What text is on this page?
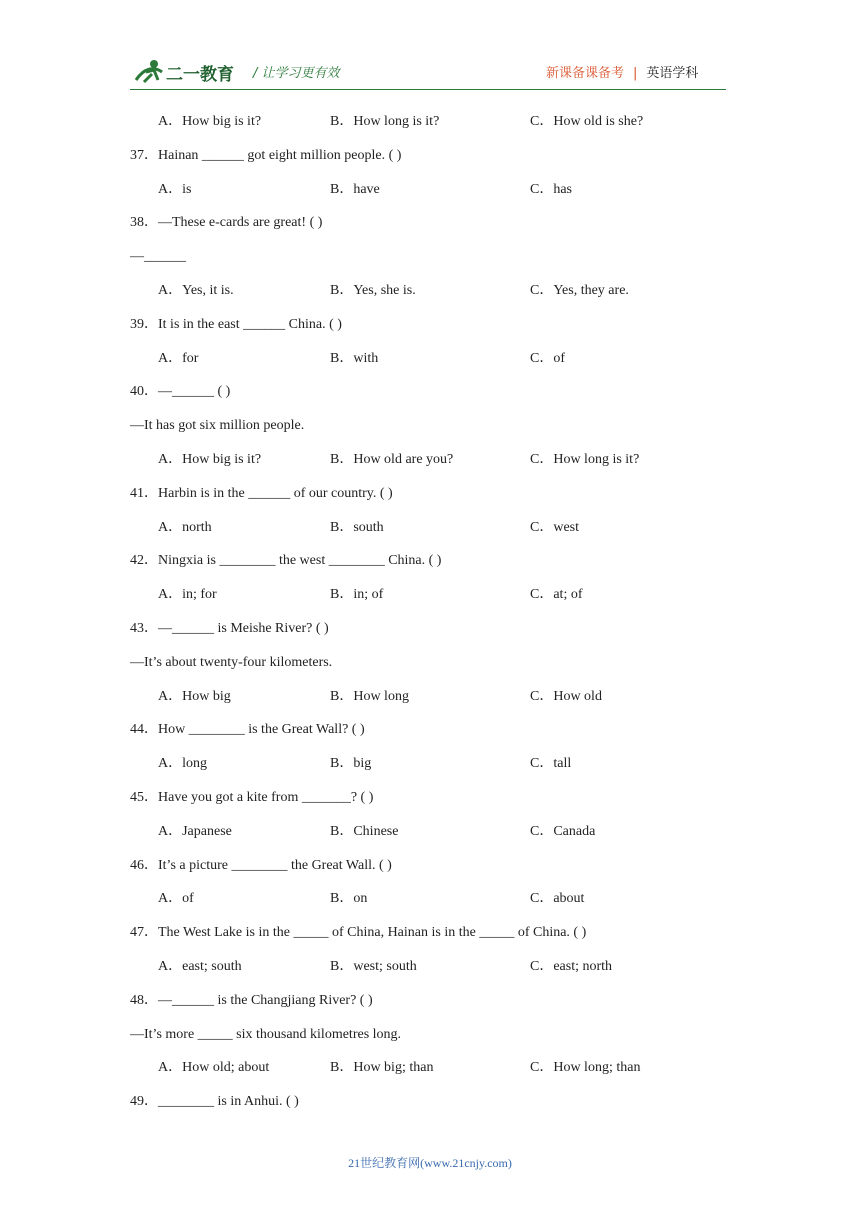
二一教育 / 让学习更有效	新课备课备考 | 英语学科
A．How big is it?	B．How long is it?	C．How old is she?
37．Hainan ______ got eight million people. ( )
A．is	B．have	C．has
38．—These e-cards are great! ( )
—______
A．Yes, it is.	B．Yes, she is.	C．Yes, they are.
39．It is in the east ______ China. ( )
A．for	B．with	C．of
40．—______ ( )
—It has got six million people.
A．How big is it?	B．How old are you?	C．How long is it?
41．Harbin is in the ______ of our country. ( )
A．north	B．south	C．west
42．Ningxia is ________ the west ________ China. ( )
A．in; for	B．in; of	C．at; of
43．—______ is Meishe River? ( )
—It’s about twenty-four kilometers.
A．How big	B．How long	C．How old
44．How ________ is the Great Wall? ( )
A．long	B．big	C．tall
45．Have you got a kite from _______? ( )
A．Japanese	B．Chinese	C．Canada
46．It’s a picture ________ the Great Wall. ( )
A．of	B．on	C．about
47．The West Lake is in the _____ of China, Hainan is in the _____ of China. ( )
A．east; south	B．west; south	C．east; north
48．—______ is the Changjiang River? ( )
—It’s more _____ six thousand kilometres long.
A．How old; about	B．How big; than	C．How long; than
49．________ is in Anhui. ( )
21世纪教育网(www.21cnjy.com)
